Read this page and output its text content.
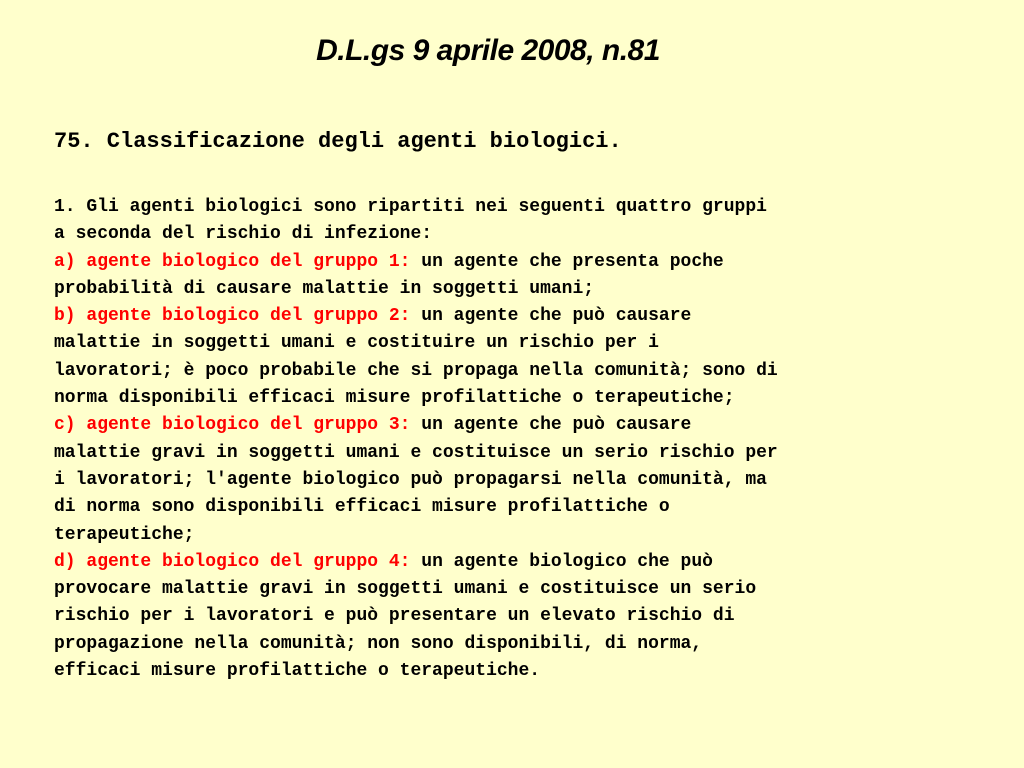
D.L.gs 9 aprile 2008, n.81
75. Classificazione degli agenti biologici.
1. Gli agenti biologici sono ripartiti nei seguenti quattro gruppi
a seconda del rischio di infezione:
a) agente biologico del gruppo 1: un agente che presenta poche
probabilità di causare malattie in soggetti umani;
b) agente biologico del gruppo 2: un agente che può causare
malattie in soggetti umani e costituire un rischio per i
lavoratori; è poco probabile che si propaga nella comunità; sono di
norma disponibili efficaci misure profilattiche o terapeutiche;
c) agente biologico del gruppo 3: un agente che può causare
malattie gravi in soggetti umani e costituisce un serio rischio per
i lavoratori; l'agente biologico può propagarsi nella comunità, ma
di norma sono disponibili efficaci misure profilattiche o
terapeutiche;
d) agente biologico del gruppo 4: un agente biologico che può
provocare malattie gravi in soggetti umani e costituisce un serio
rischio per i lavoratori e può presentare un elevato rischio di
propagazione nella comunità; non sono disponibili, di norma,
efficaci misure profilattiche o terapeutiche.
